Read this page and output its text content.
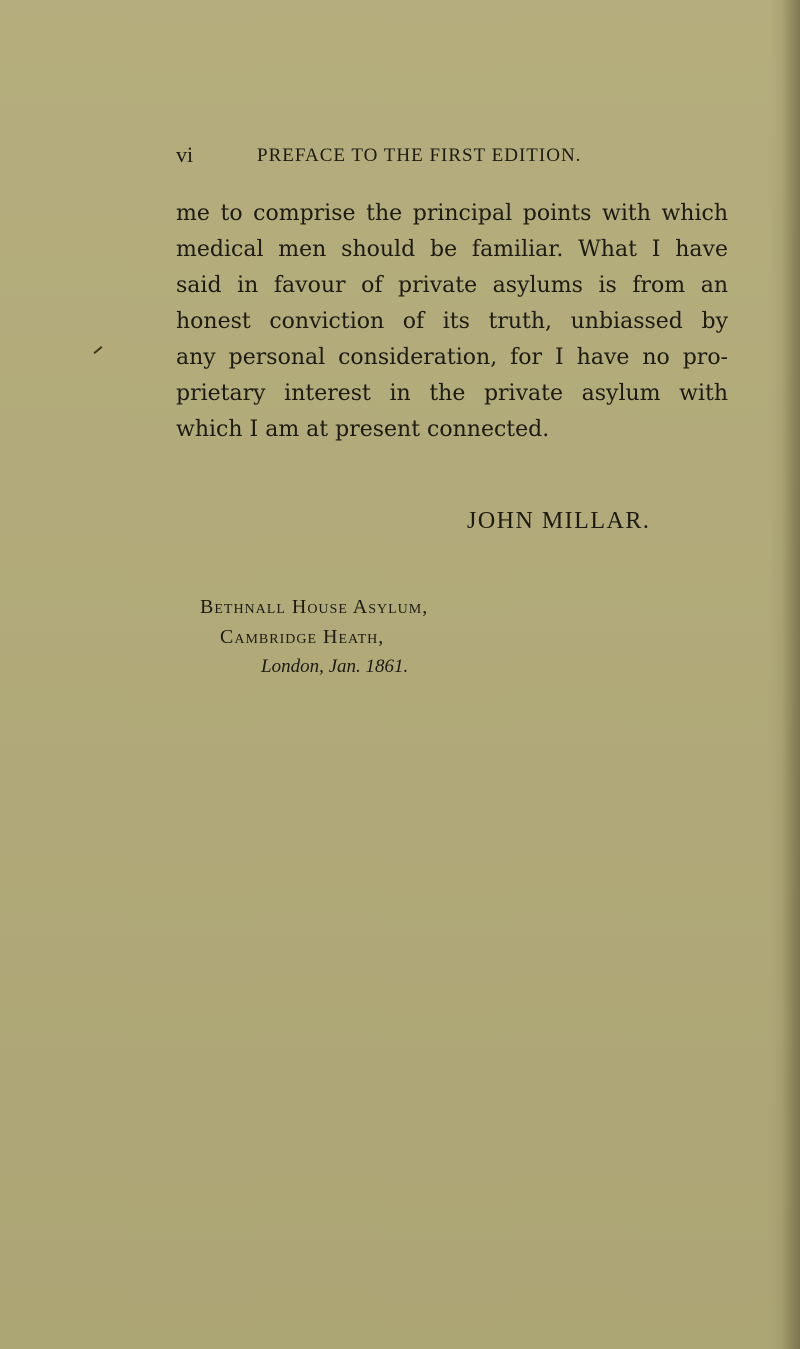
vi	PREFACE TO THE FIRST EDITION.
me to comprise the principal points with which
medical men should be familiar. What I have
said in favour of private asylums is from an
honest conviction of its truth, unbiassed by
any personal consideration, for I have no pro-
prietary interest in the private asylum with
which I am at present connected.
JOHN MILLAR.
Bethnall House Asylum,
Cambridge Heath,
London, Jan. 1861.
